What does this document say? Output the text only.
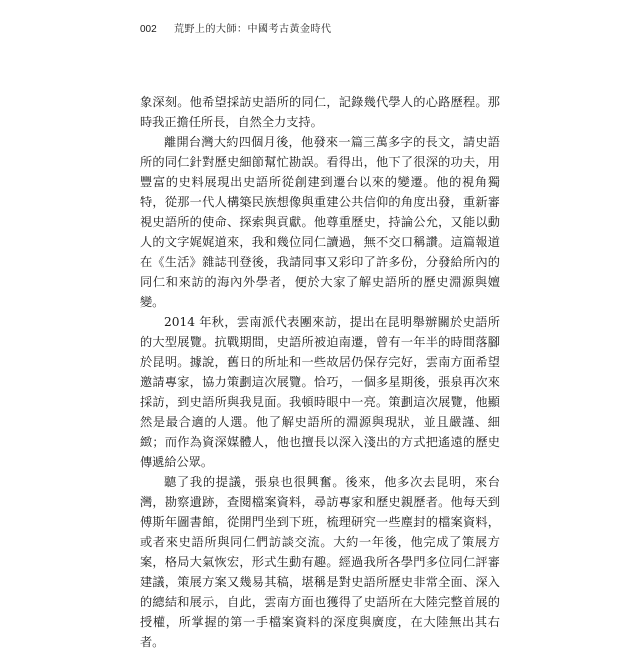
002 荒野上的大師：中國考古黃金時代

象深刻。他希望採訪史語所的同仁，記錄幾代學人的心路歷程。那時我正擔任所長，自然全力支持。

離開台灣大約四個月後，他發來一篇三萬多字的長文，請史語所的同仁針對歷史細節幫忙勘誤。看得出，他下了很深的功夫，用豐富的史料展現出史語所從創建到遷台以來的變遷。他的視角獨特，從那一代人構築民族想像與重建公共信仰的角度出發，重新審視史語所的使命、探索與貢獻。他尊重歷史，持論公允，又能以動人的文字娓娓道來，我和幾位同仁讀過，無不交口稱讚。這篇報道在《生活》雜誌刊登後，我請同事又彩印了許多份，分發給所內的同仁和來訪的海內外學者，便於大家了解史語所的歷史淵源與嬗變。

2014 年秋，雲南派代表團來訪，提出在昆明舉辦關於史語所的大型展覽。抗戰期間，史語所被迫南遷，曾有一年半的時間落腳於昆明。據說，舊日的所址和一些故居仍保存完好，雲南方面希望邀請專家，協力策劃這次展覽。恰巧，一個多星期後，張泉再次來採訪，到史語所與我見面。我頓時眼中一亮。策劃這次展覽，他顯然是最合適的人選。他了解史語所的淵源與現狀，並且嚴謹、細緻；而作為資深媒體人，他也擅長以深入淺出的方式把遙遠的歷史傳遞給公眾。

聽了我的提議，張泉也很興奮。後來，他多次去昆明，來台灣，勘察遺跡，查閱檔案資料，尋訪專家和歷史親歷者。他每天到傅斯年圖書館，從開門坐到下班，梳理研究一些塵封的檔案資料，或者來史語所與同仁們訪談交流。大約一年後，他完成了策展方案，格局大氣恢宏，形式生動有趣。經過我所各學門多位同仁評審建議，策展方案又幾易其稿，堪稱是對史語所歷史非常全面、深入的總結和展示，自此，雲南方面也獲得了史語所在大陸完整首展的授權，所掌握的第一手檔案資料的深度與廣度，在大陸無出其右者。
